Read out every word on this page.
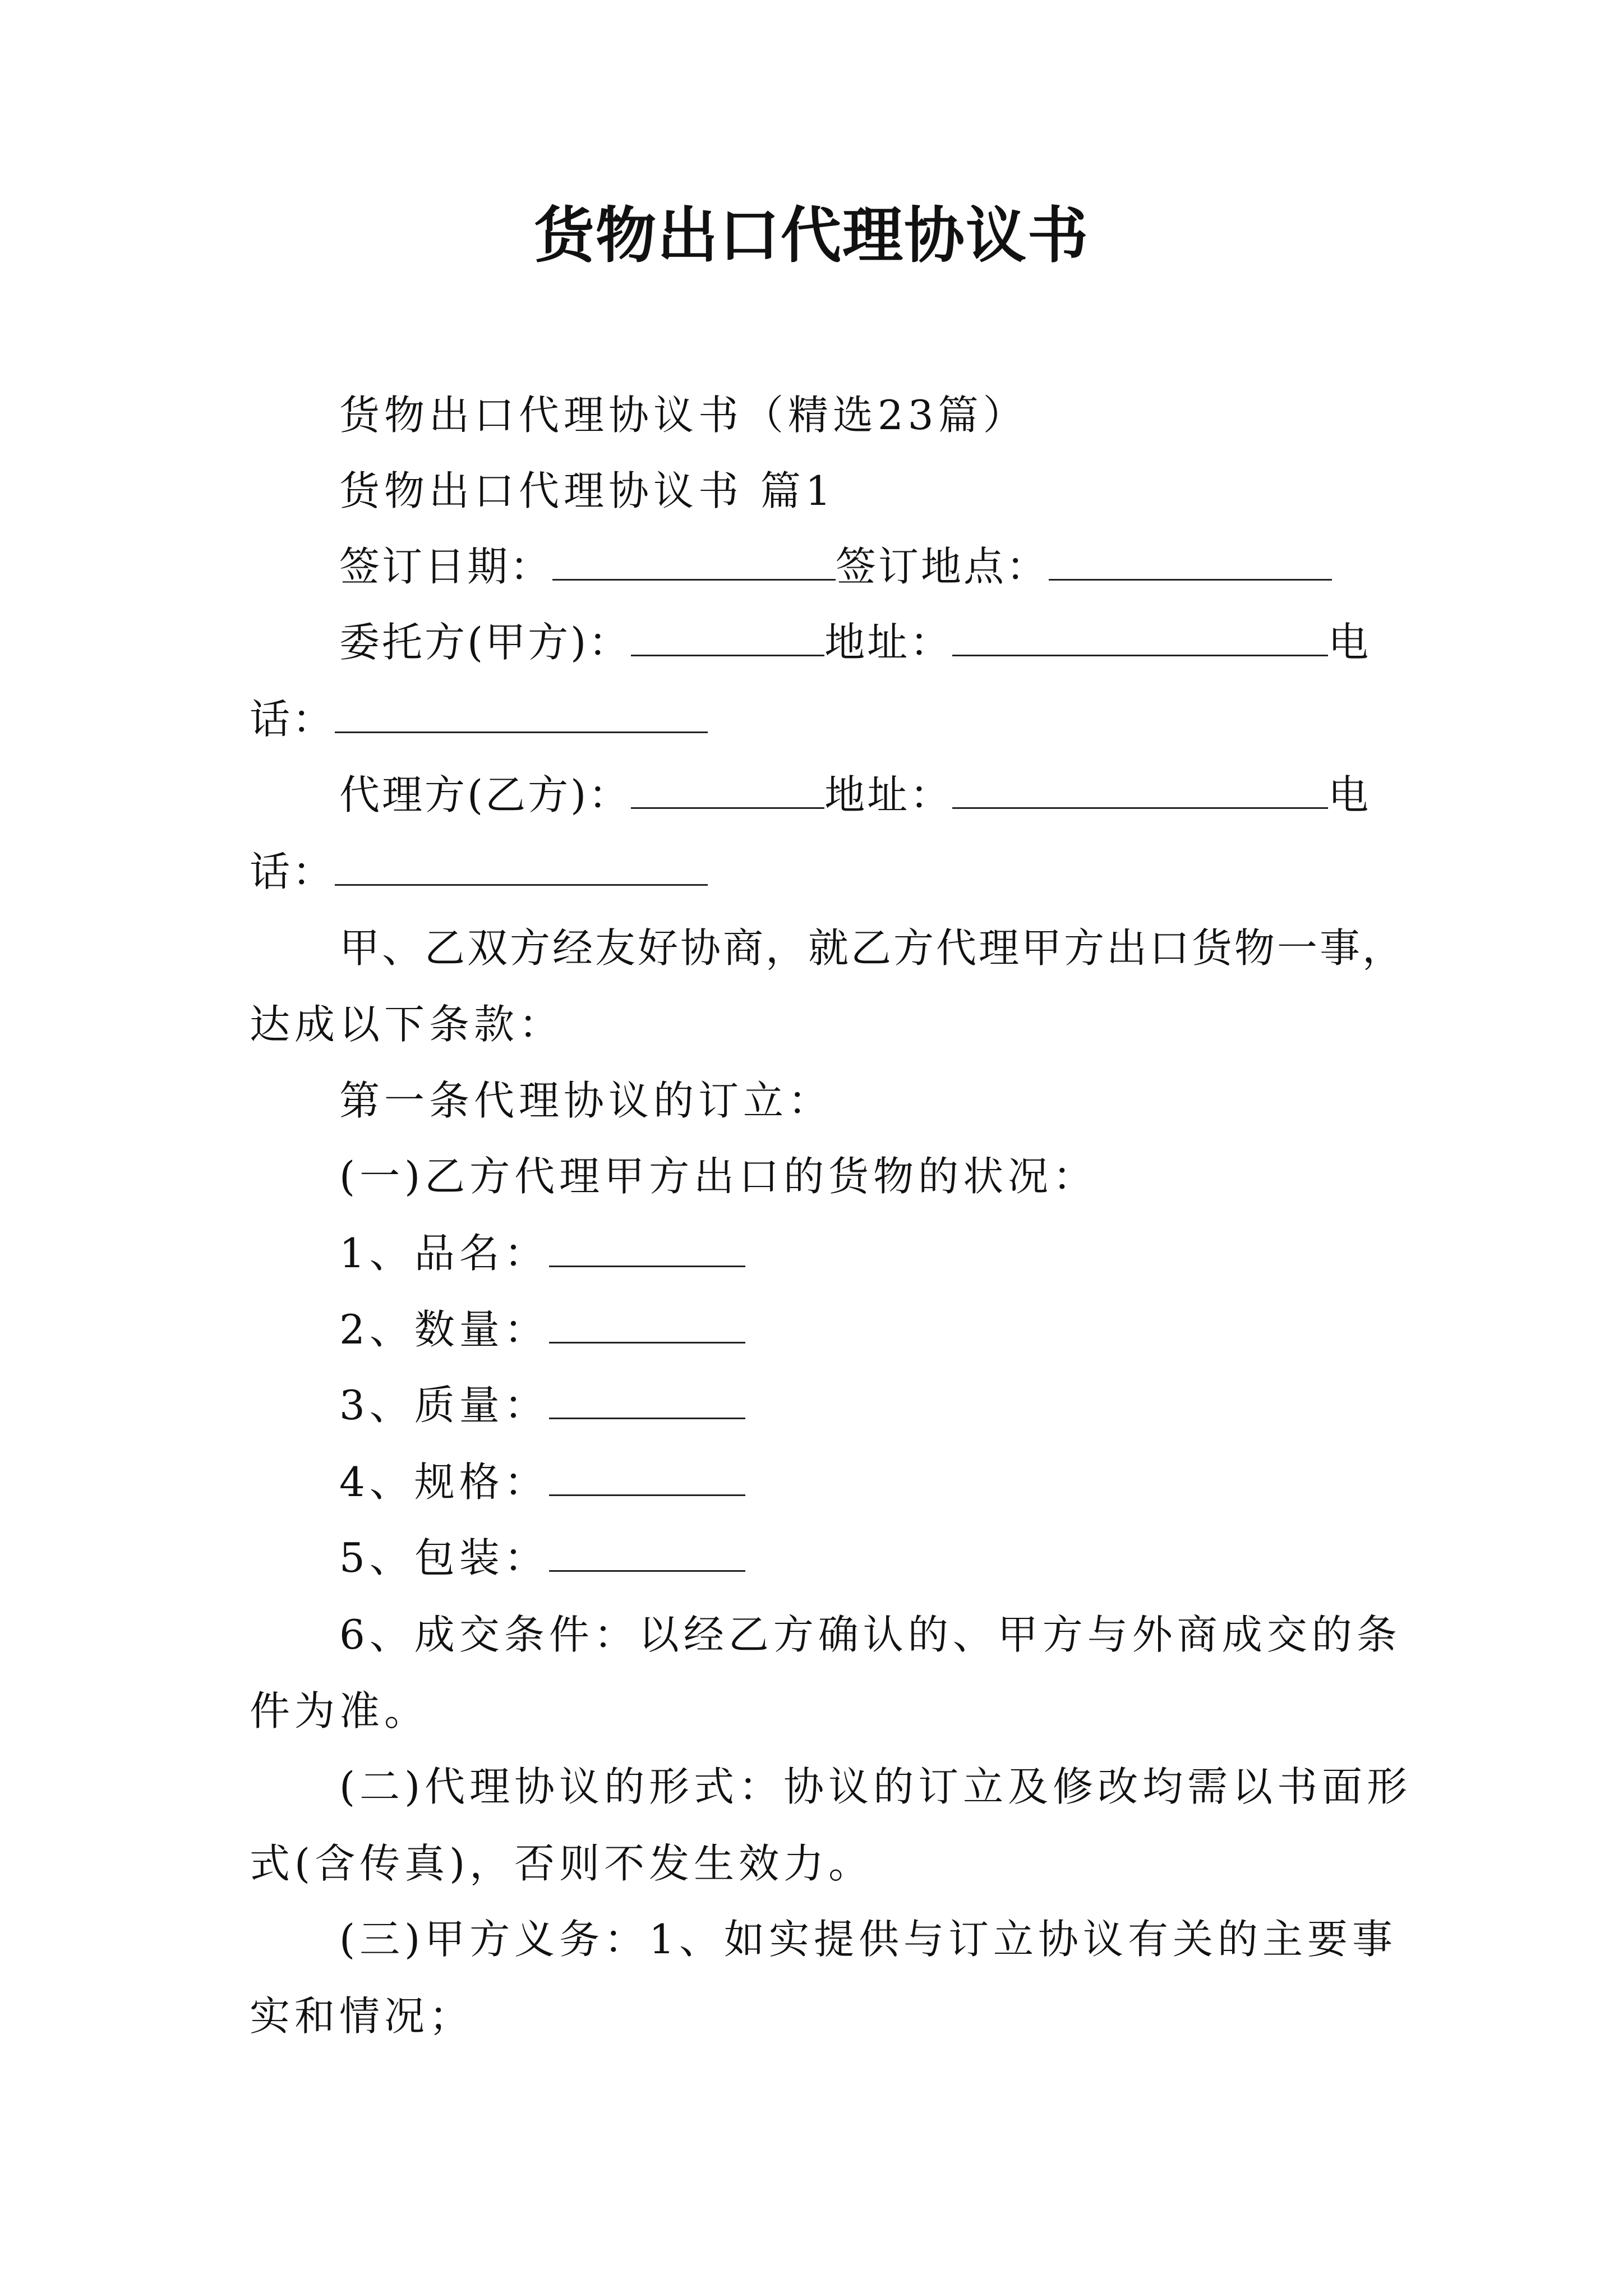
货物出口代理协议书
货物出口代理协议书（精选23篇）
货物出口代理协议书 篇1
签订日期：	签订地点：
委托方(甲方)：	地址：	电
话：
代理方(乙方)：	地址：	电
话：
甲、乙双方经友好协商，就乙方代理甲方出口货物一事，
达成以下条款：
第一条代理协议的订立：
(一)乙方代理甲方出口的货物的状况：
1、品名：
2、数量：
3、质量：
4、规格：
5、包装：
6、成交条件：以经乙方确认的、甲方与外商成交的条
件为准。
(二)代理协议的形式：协议的订立及修改均需以书面形
式(含传真)，否则不发生效力。
(三)甲方义务：1、如实提供与订立协议有关的主要事
实和情况；
